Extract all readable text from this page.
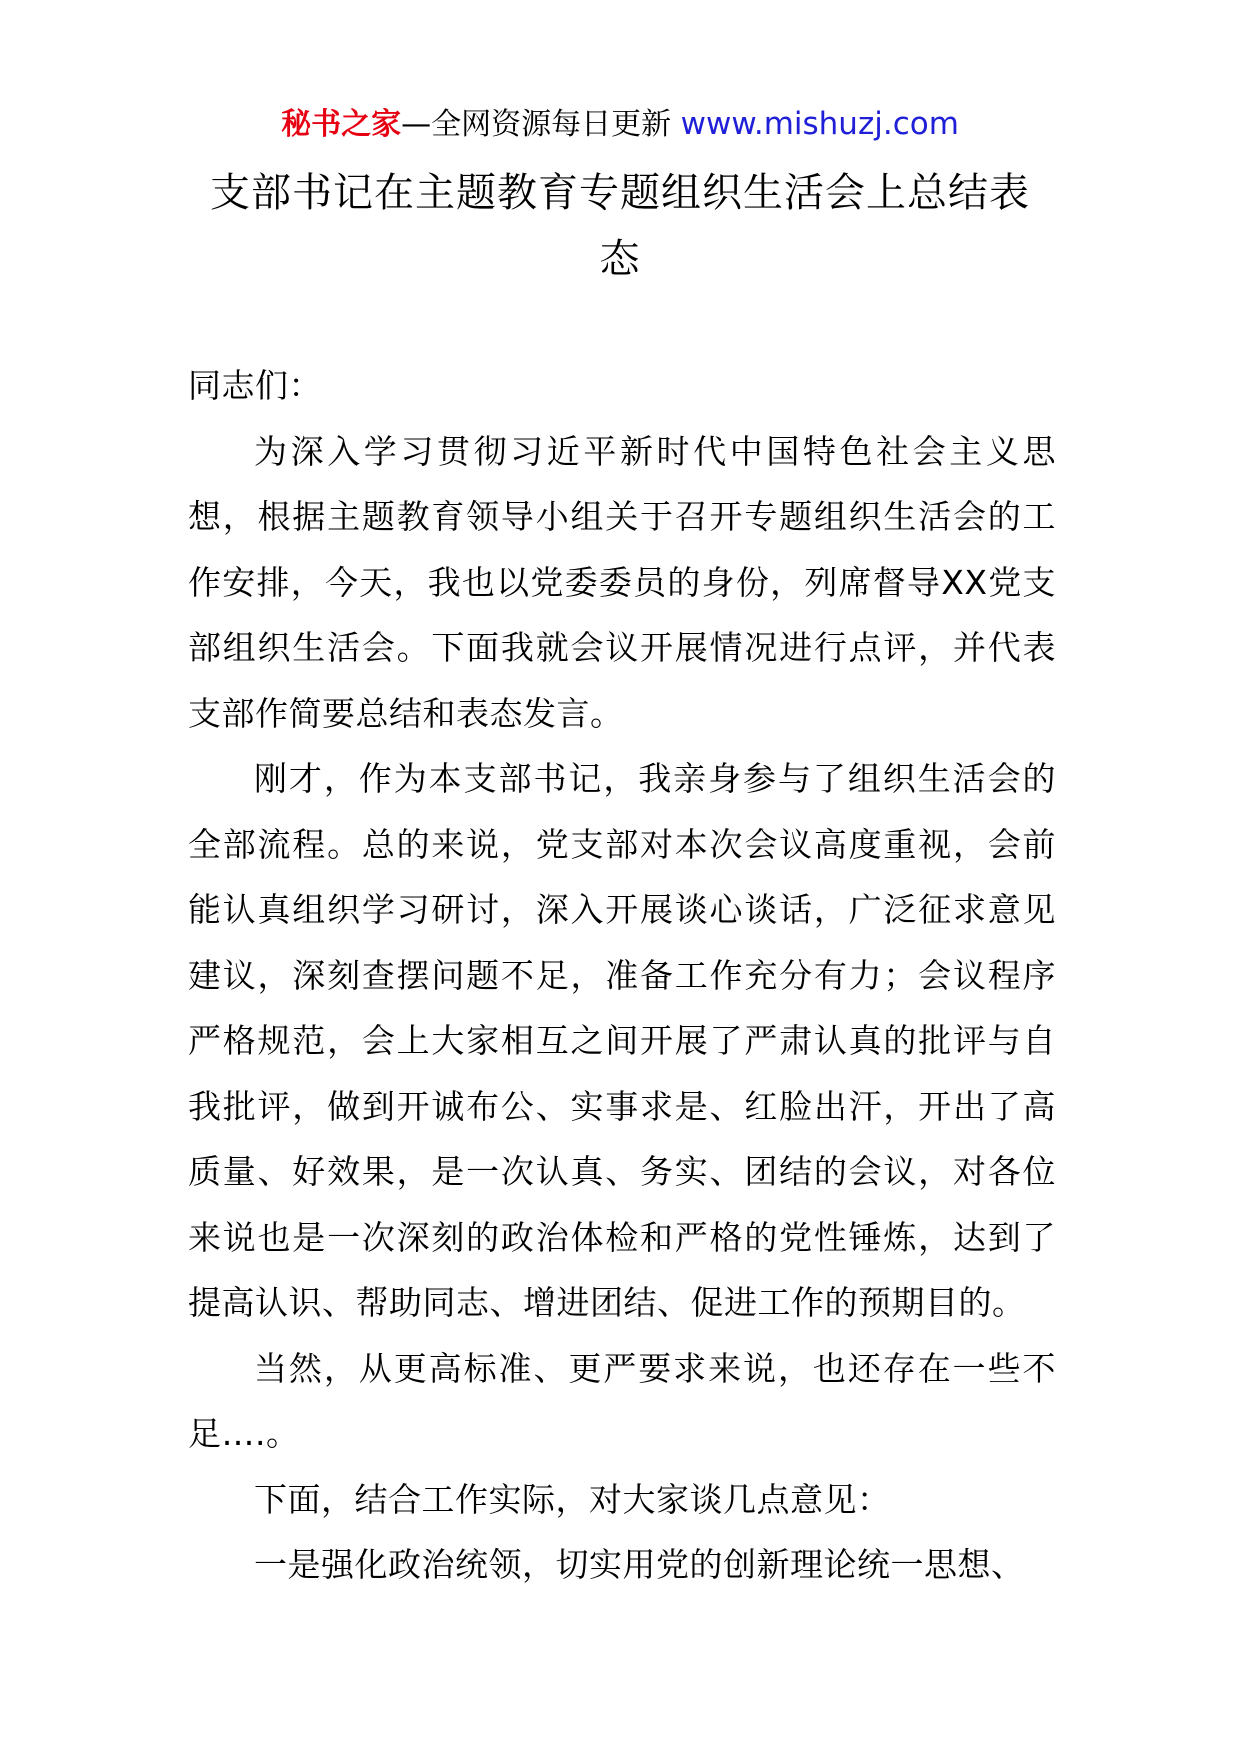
秘书之家—全网资源每日更新 www.mishuzj.com
支部书记在主题教育专题组织生活会上总结表态

同志们：

为深入学习贯彻习近平新时代中国特色社会主义思想，根据主题教育领导小组关于召开专题组织生活会的工作安排，今天，我也以党委委员的身份，列席督导XX党支部组织生活会。下面我就会议开展情况进行点评，并代表支部作简要总结和表态发言。

刚才，作为本支部书记，我亲身参与了组织生活会的全部流程。总的来说，党支部对本次会议高度重视，会前能认真组织学习研讨，深入开展谈心谈话，广泛征求意见建议，深刻查摆问题不足，准备工作充分有力；会议程序严格规范，会上大家相互之间开展了严肃认真的批评与自我批评，做到开诚布公、实事求是、红脸出汗，开出了高质量、好效果，是一次认真、务实、团结的会议，对各位来说也是一次深刻的政治体检和严格的党性锤炼，达到了提高认识、帮助同志、增进团结、促进工作的预期目的。

当然，从更高标准、更严要求来说，也还存在一些不足….。

下面，结合工作实际，对大家谈几点意见：

一是强化政治统领，切实用党的创新理论统一思想、
